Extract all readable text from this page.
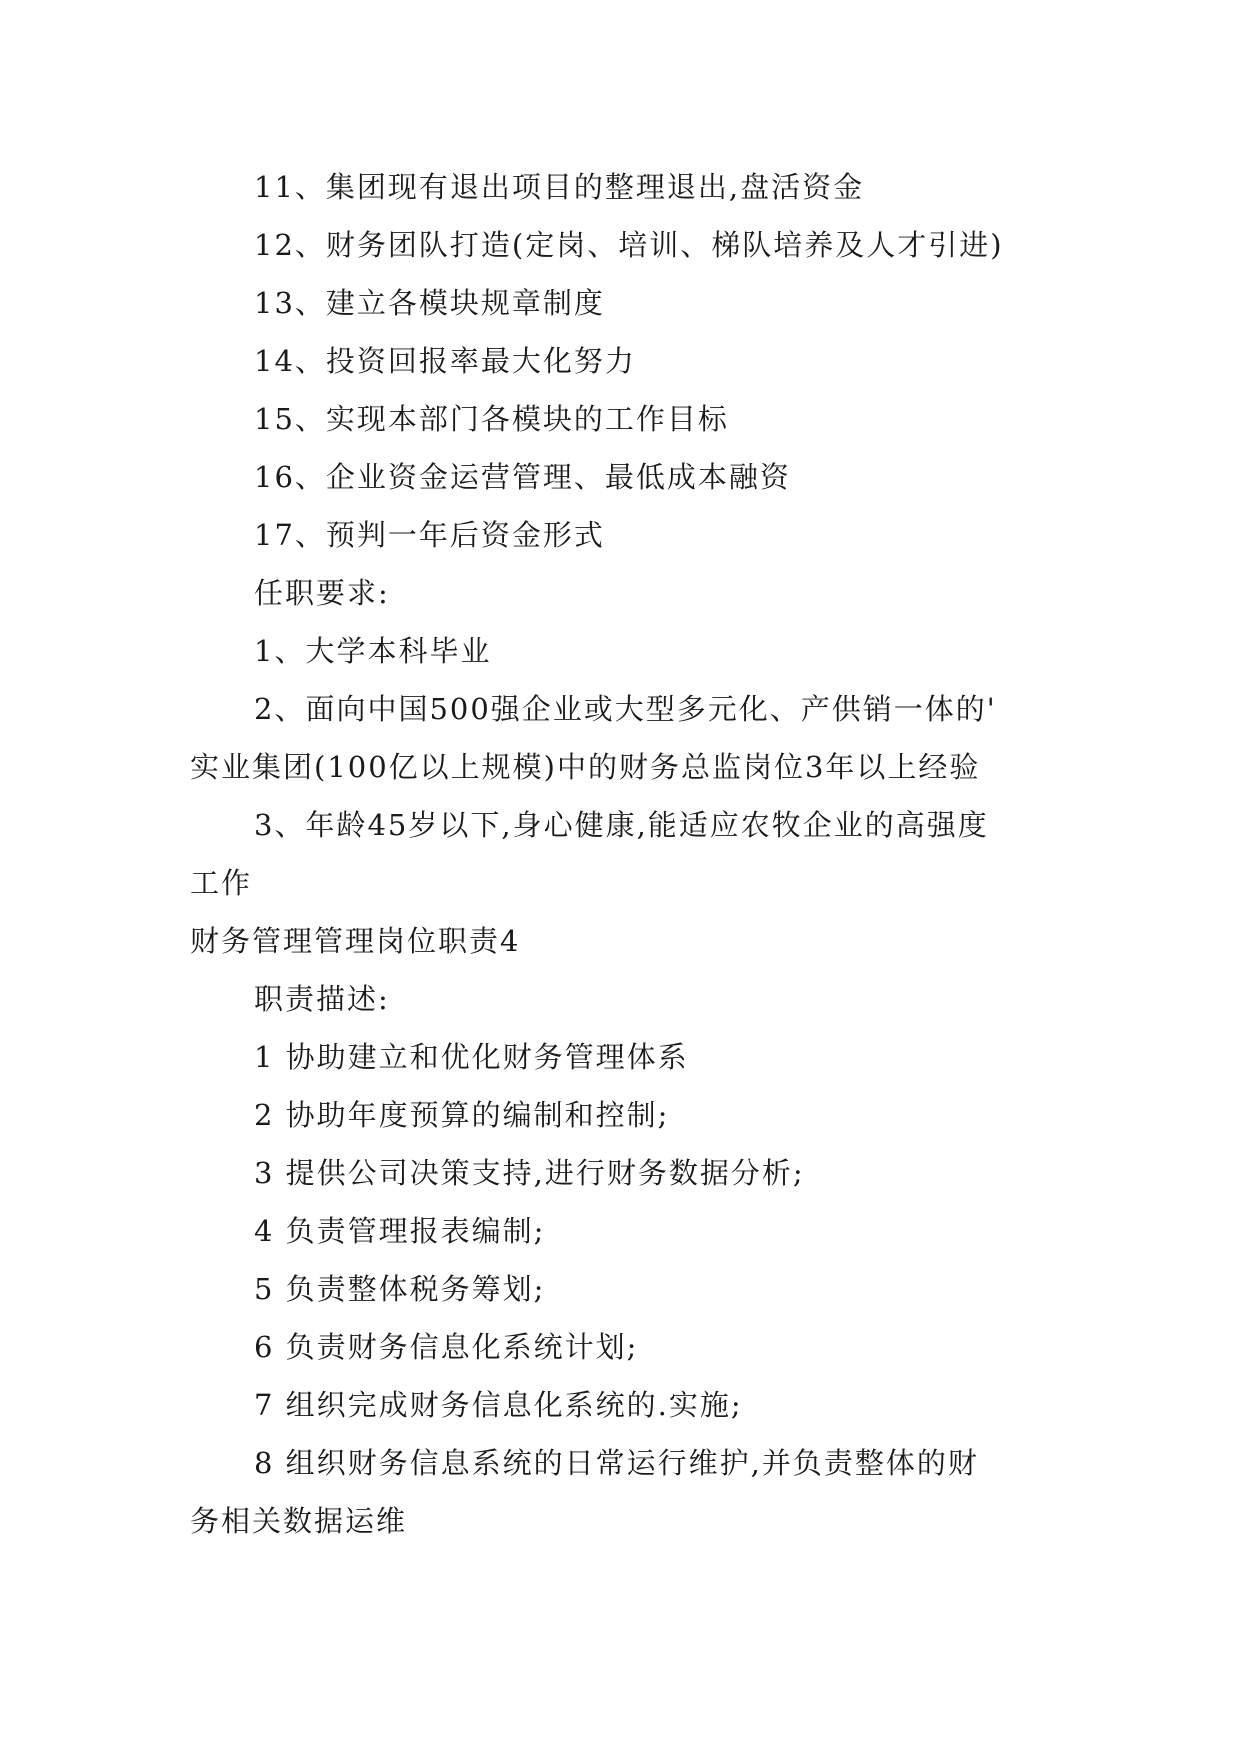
11、集团现有退出项目的整理退出,盘活资金
12、财务团队打造(定岗、培训、梯队培养及人才引进)
13、建立各模块规章制度
14、投资回报率最大化努力
15、实现本部门各模块的工作目标
16、企业资金运营管理、最低成本融资
17、预判一年后资金形式
任职要求:
1、大学本科毕业
2、面向中国500强企业或大型多元化、产供销一体的'
实业集团(100亿以上规模)中的财务总监岗位3年以上经验
3、年龄45岁以下,身心健康,能适应农牧企业的高强度
工作
财务管理管理岗位职责4
职责描述:
1 协助建立和优化财务管理体系
2 协助年度预算的编制和控制;
3 提供公司决策支持,进行财务数据分析;
4 负责管理报表编制;
5 负责整体税务筹划;
6 负责财务信息化系统计划;
7 组织完成财务信息化系统的.实施;
8 组织财务信息系统的日常运行维护,并负责整体的财
务相关数据运维
